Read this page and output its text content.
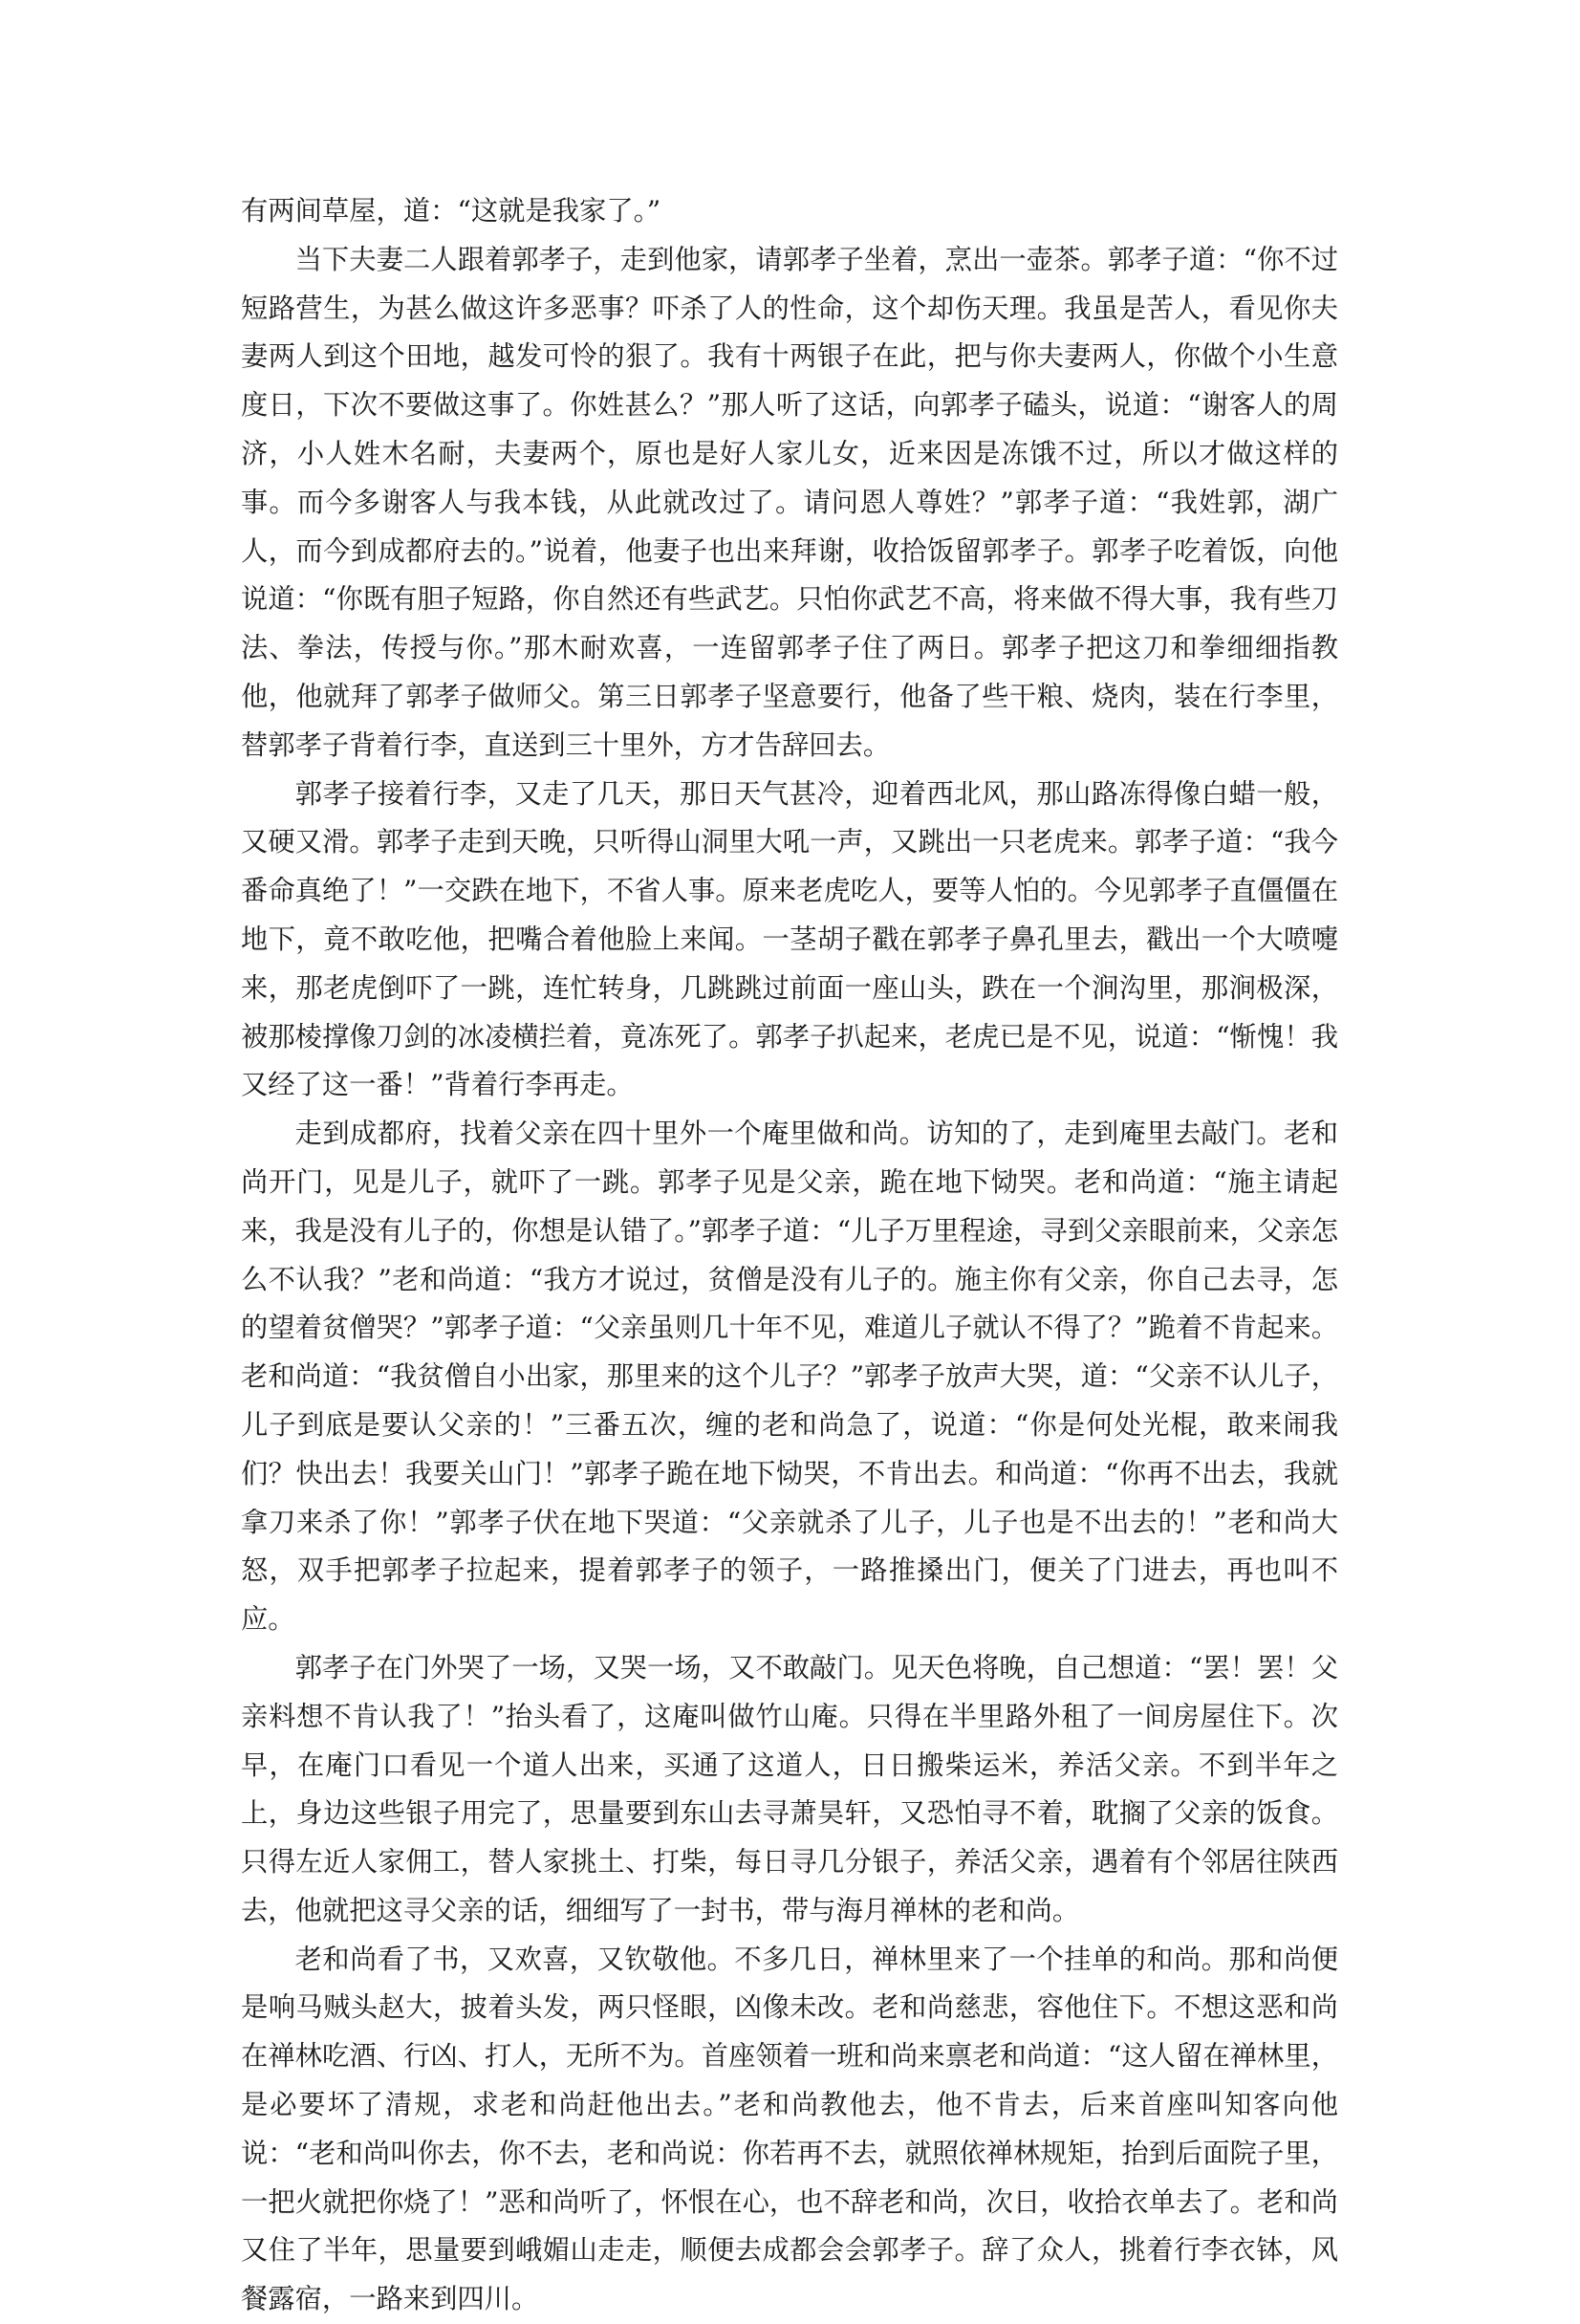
有两间草屋，道：“这就是我家了。”

当下夫妻二人跟着郭孝子，走到他家，请郭孝子坐着，烹出一壶茶。郭孝子道：“你不过短路营生，为甚么做这许多恶事？吓杀了人的性命，这个却伤天理。我虽是苦人，看见你夫妻两人到这个田地，越发可怜的狠了。我有十两银子在此，把与你夫妻两人，你做个小生意度日，下次不要做这事了。你姓甚么？”那人听了这话，向郭孝子磕头，说道：“谢客人的周济，小人姓木名耐，夫妻两个，原也是好人家儿女，近来因是冻饿不过，所以才做这样的事。而今多谢客人与我本钱，从此就改过了。请问恩人尊姓？”郭孝子道：“我姓郭，湖广人，而今到成都府去的。”说着，他妻子也出来拜谢，收拾饭留郭孝子。郭孝子吃着饭，向他说道：“你既有胆子短路，你自然还有些武艺。只怕你武艺不高，将来做不得大事，我有些刀法、拳法，传授与你。”那木耐欢喜，一连留郭孝子住了两日。郭孝子把这刀和拳细细指教他，他就拜了郭孝子做师父。第三日郭孝子坚意要行，他备了些干粮、烧肉，装在行李里，替郭孝子背着行李，直送到三十里外，方才告辞回去。

郭孝子接着行李，又走了几天，那日天气甚冷，迎着西北风，那山路冻得像白蜡一般，又硬又滑。郭孝子走到天晚，只听得山洞里大吼一声，又跳出一只老虎来。郭孝子道：“我今番命真绝了！”一交跌在地下，不省人事。原来老虎吃人，要等人怕的。今见郭孝子直僵僵在地下，竟不敢吃他，把嘴合着他脸上来闻。一茎胡子戳在郭孝子鼻孔里去，戳出一个大喷嚏来，那老虎倒吓了一跳，连忙转身，几跳跳过前面一座山头，跌在一个涧沟里，那涧极深，被那棱撑像刀剑的冰凌横拦着，竟冻死了。郭孝子扒起来，老虎已是不见，说道：“惭愧！我又经了这一番！”背着行李再走。

走到成都府，找着父亲在四十里外一个庵里做和尚。访知的了，走到庵里去敲门。老和尚开门，见是儿子，就吓了一跳。郭孝子见是父亲，跪在地下恸哭。老和尚道：“施主请起来，我是没有儿子的，你想是认错了。”郭孝子道：“儿子万里程途，寻到父亲眼前来，父亲怎么不认我？”老和尚道：“我方才说过，贫僧是没有儿子的。施主你有父亲，你自己去寻，怎的望着贫僧哭？”郭孝子道：“父亲虽则几十年不见，难道儿子就认不得了？”跪着不肯起来。老和尚道：“我贫僧自小出家，那里来的这个儿子？”郭孝子放声大哭，道：“父亲不认儿子，儿子到底是要认父亲的！”三番五次，缠的老和尚急了，说道：“你是何处光棍，敢来闹我们？快出去！我要关山门！”郭孝子跪在地下恸哭，不肯出去。和尚道：“你再不出去，我就拿刀来杀了你！”郭孝子伏在地下哭道：“父亲就杀了儿子，儿子也是不出去的！”老和尚大怒，双手把郭孝子拉起来，提着郭孝子的领子，一路推搡出门，便关了门进去，再也叫不应。

郭孝子在门外哭了一场，又哭一场，又不敢敲门。见天色将晚，自己想道：“罢！罢！父亲料想不肯认我了！”抬头看了，这庵叫做竹山庵。只得在半里路外租了一间房屋住下。次早，在庵门口看见一个道人出来，买通了这道人，日日搬柴运米，养活父亲。不到半年之上，身边这些银子用完了，思量要到东山去寻萧昊轩，又恐怕寻不着，耽搁了父亲的饭食。只得左近人家佣工，替人家挑土、打柴，每日寻几分银子，养活父亲，遇着有个邻居往陕西去，他就把这寻父亲的话，细细写了一封书，带与海月禅林的老和尚。

老和尚看了书，又欢喜，又钦敬他。不多几日，禅林里来了一个挂单的和尚。那和尚便是响马贼头赵大，披着头发，两只怪眼，凶像未改。老和尚慈悲，容他住下。不想这恶和尚在禅林吃酒、行凶、打人，无所不为。首座领着一班和尚来禀老和尚道：“这人留在禅林里，是必要坏了清规，求老和尚赶他出去。”老和尚教他去，他不肯去，后来首座叫知客向他说：“老和尚叫你去，你不去，老和尚说：你若再不去，就照依禅林规矩，抬到后面院子里，一把火就把你烧了！”恶和尚听了，怀恨在心，也不辞老和尚，次日，收拾衣单去了。老和尚又住了半年，思量要到峨媚山走走，顺便去成都会会郭孝子。辞了众人，挑着行李衣钵，风餐露宿，一路来到四川。
